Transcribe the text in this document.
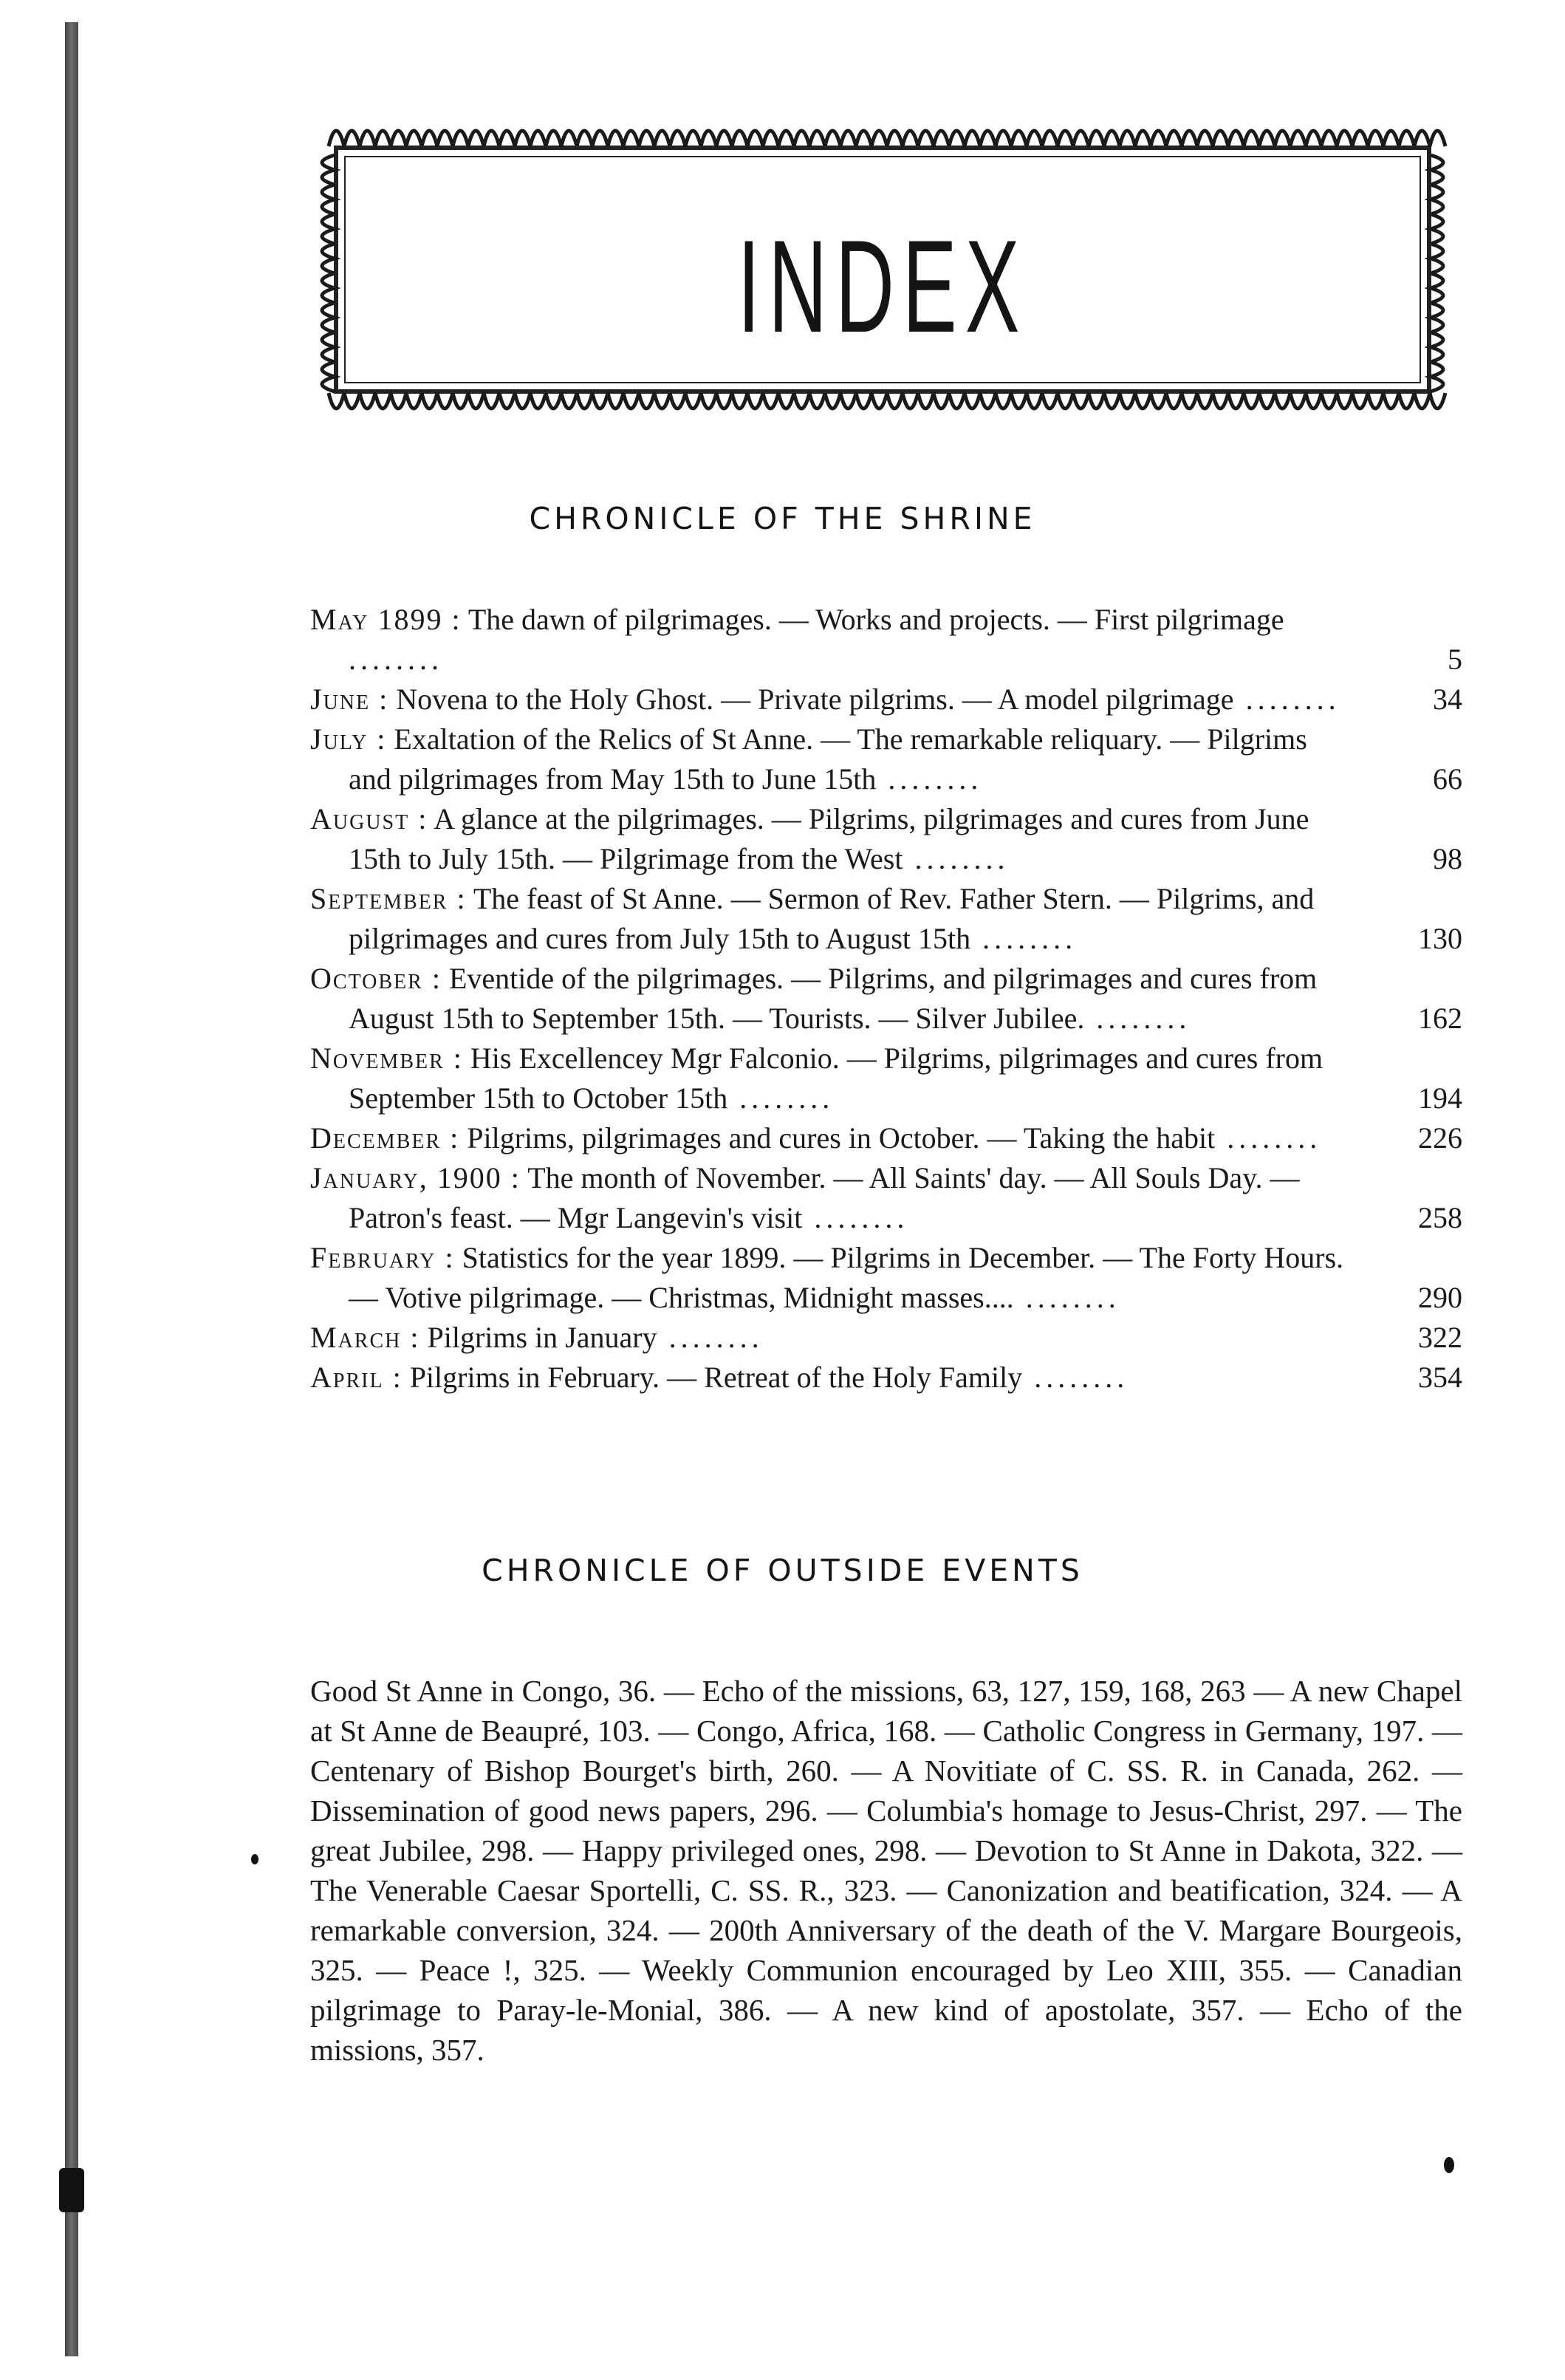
INDEX
CHRONICLE OF THE SHRINE
May 1899 : The dawn of pilgrimages. — Works and projects. — First pilgrimage ........	5
June : Novena to the Holy Ghost. — Private pilgrims. — A model pilgrimage ........	34
July : Exaltation of the Relics of St Anne. — The remarkable reliquary. — Pilgrims and pilgrimages from May 15th to June 15th ........	66
August : A glance at the pilgrimages. — Pilgrims, pilgrimages and cures from June 15th to July 15th. — Pilgrimage from the West ........	98
September : The feast of St Anne. — Sermon of Rev. Father Stern. — Pilgrims, and pilgrimages and cures from July 15th to August 15th ........	130
October : Eventide of the pilgrimages. — Pilgrims, and pilgrimages and cures from August 15th to September 15th. — Tourists. — Silver Jubilee. ........	162
November : His Excellencey Mgr Falconio. — Pilgrims, pilgrimages and cures from September 15th to October 15th ........	194
December : Pilgrims, pilgrimages and cures in October. — Taking the habit ........	226
January, 1900 : The month of November. — All Saints' day. — All Souls Day. — Patron's feast. — Mgr Langevin's visit ........	258
February : Statistics for the year 1899. — Pilgrims in December. — The Forty Hours. — Votive pilgrimage. — Christmas, Midnight masses.... ........	290
March : Pilgrims in January ........	322
April : Pilgrims in February. — Retreat of the Holy Family ........	354
CHRONICLE OF OUTSIDE EVENTS

Good St Anne in Congo, 36. — Echo of the missions, 63, 127, 159, 168, 263 — A new Chapel at St Anne de Beaupré, 103. — Congo, Africa, 168. — Catholic Congress in Germany, 197. — Centenary of Bishop Bourget's birth, 260. — A Novitiate of C. SS. R. in Canada, 262. — Dissemination of good news papers, 296. — Columbia's homage to Jesus-Christ, 297. — The great Jubilee, 298. — Happy privileged ones, 298. — Devotion to St Anne in Dakota, 322. — The Venerable Caesar Sportelli, C. SS. R., 323. — Canonization and beatification, 324. — A remarkable conversion, 324. — 200th Anniversary of the death of the V. Margare Bourgeois, 325. — Peace !, 325. — Weekly Communion encouraged by Leo XIII, 355. — Canadian pilgrimage to Paray-le-Monial, 386. — A new kind of apostolate, 357. — Echo of the missions, 357.
